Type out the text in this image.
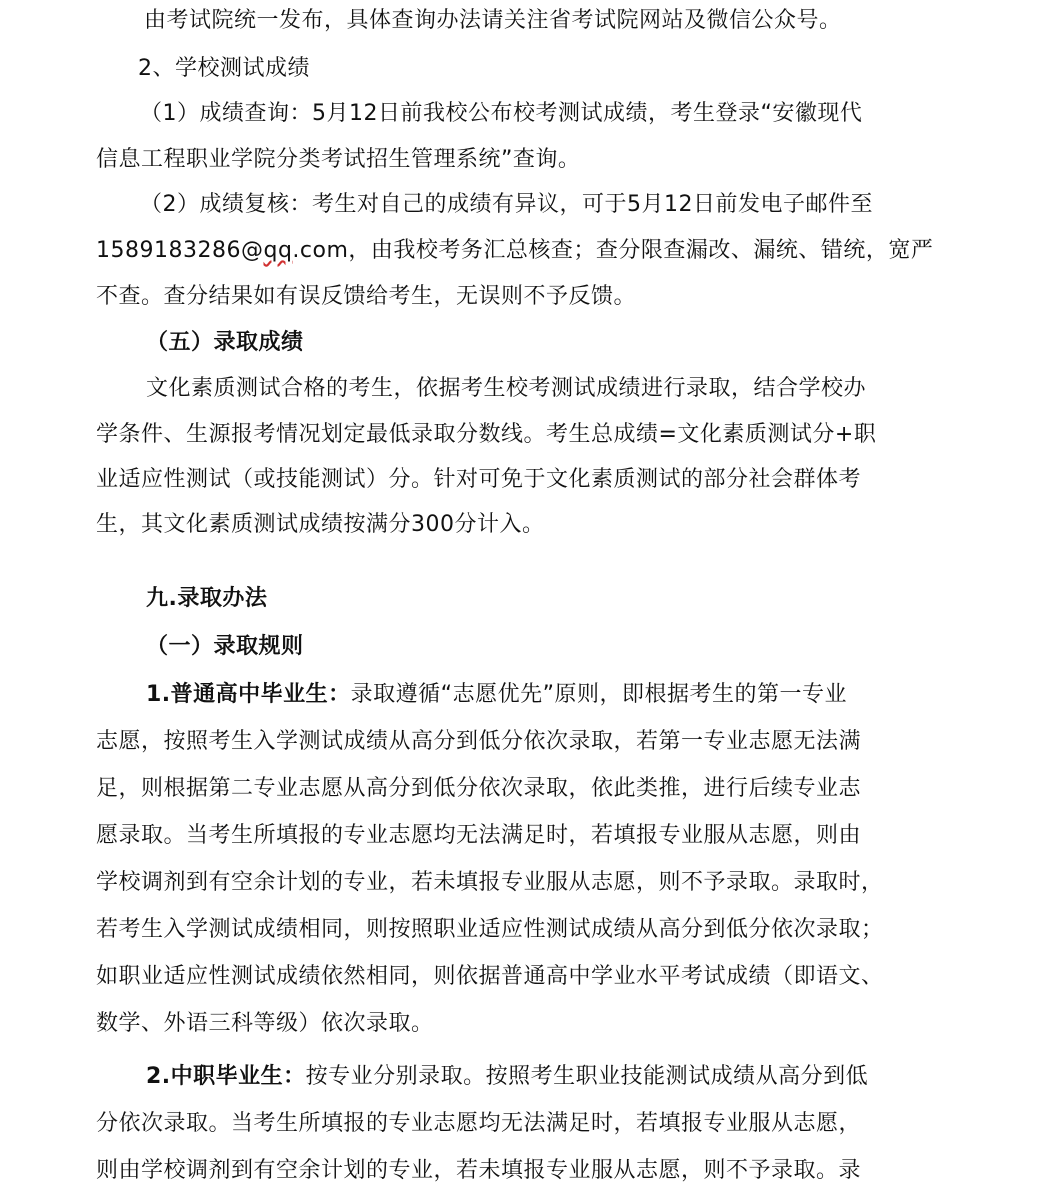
由考试院统一发布，具体查询办法请关注省考试院网站及微信公众号。
2、学校测试成绩
（1）成绩查询：5月12日前我校公布校考测试成绩，考生登录“安徽现代
信息工程职业学院分类考试招生管理系统”查询。
（2）成绩复核：考生对自己的成绩有异议，可于5月12日前发电子邮件至
1589183286@qq.com，由我校考务汇总核查；查分限查漏改、漏统、错统，宽严
不查。查分结果如有误反馈给考生，无误则不予反馈。
（五）录取成绩
文化素质测试合格的考生，依据考生校考测试成绩进行录取，结合学校办
学条件、生源报考情况划定最低录取分数线。考生总成绩=文化素质测试分+职
业适应性测试（或技能测试）分。针对可免于文化素质测试的部分社会群体考
生，其文化素质测试成绩按满分300分计入。
九.录取办法
（一）录取规则
1.普通高中毕业生：录取遵循“志愿优先”原则，即根据考生的第一专业
志愿，按照考生入学测试成绩从高分到低分依次录取，若第一专业志愿无法满
足，则根据第二专业志愿从高分到低分依次录取，依此类推，进行后续专业志
愿录取。当考生所填报的专业志愿均无法满足时，若填报专业服从志愿，则由
学校调剂到有空余计划的专业，若未填报专业服从志愿，则不予录取。录取时，
若考生入学测试成绩相同，则按照职业适应性测试成绩从高分到低分依次录取；
如职业适应性测试成绩依然相同，则依据普通高中学业水平考试成绩（即语文、
数学、外语三科等级）依次录取。
2.中职毕业生：按专业分别录取。按照考生职业技能测试成绩从高分到低
分依次录取。当考生所填报的专业志愿均无法满足时，若填报专业服从志愿，
则由学校调剂到有空余计划的专业，若未填报专业服从志愿，则不予录取。录
